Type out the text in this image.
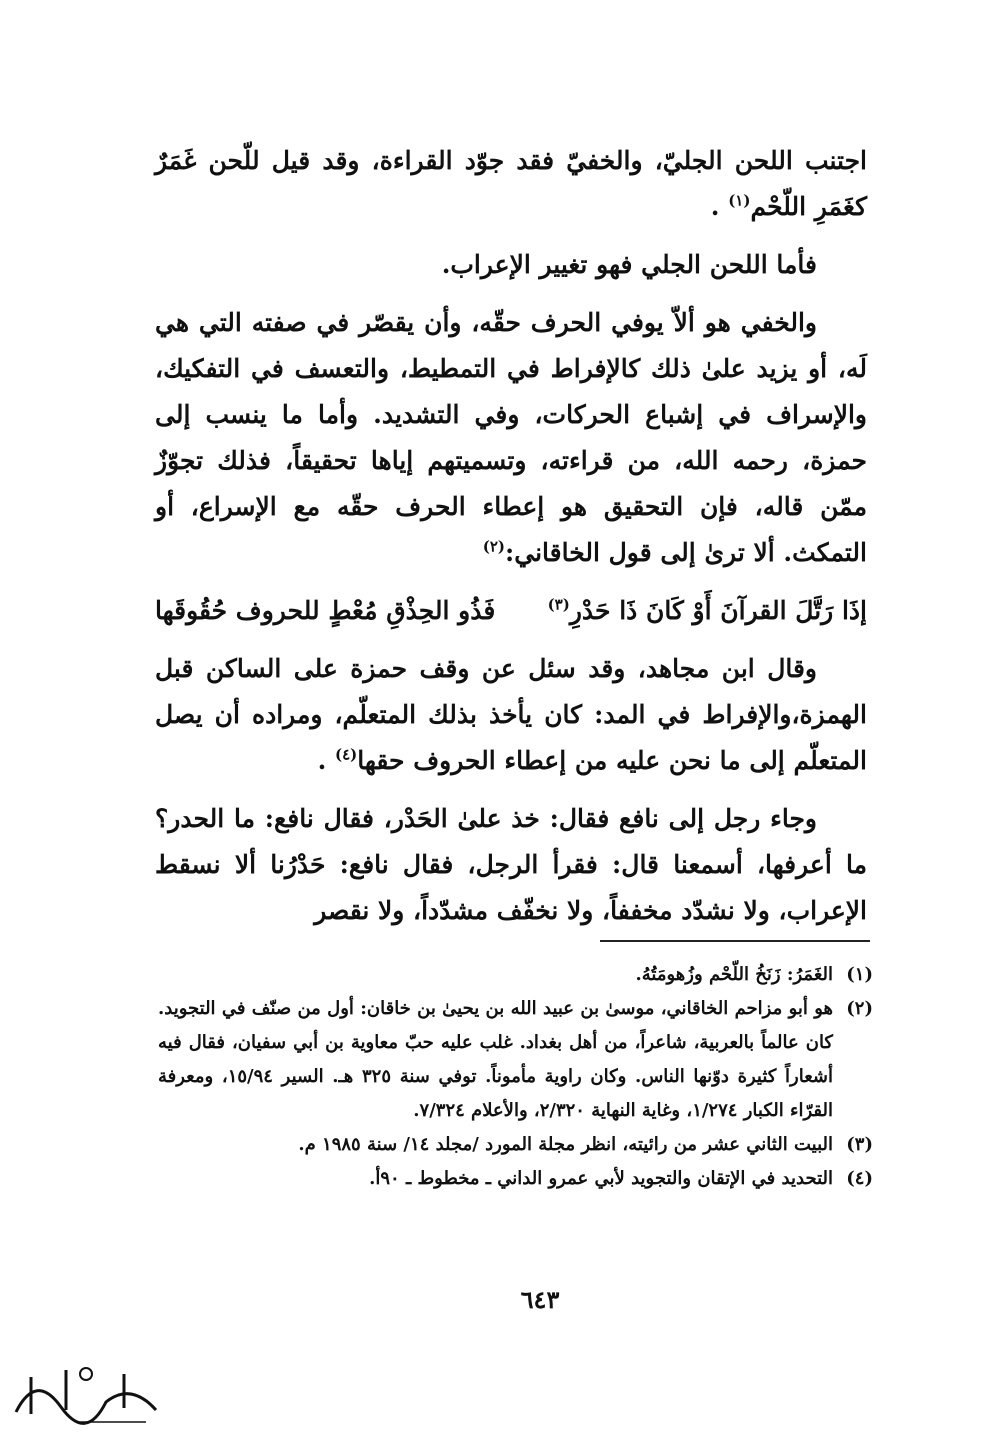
اجتنب اللحن الجليّ، والخفيّ فقد جوّد القراءة، وقد قيل للّحن غَمَرٌ كغَمَرِ اللّحْم$^{(١)}$ .

فأما اللحن الجلي فهو تغيير الإعراب.

والخفي هو ألاّ يوفي الحرف حقّه، وأن يقصّر في صفته التي هي لَه، أو يزيد علىٰ ذلك كالإفراط في التمطيط، والتعسف في التفكيك، والإسراف في إشباع الحركات، وفي التشديد. وأما ما ينسب إلى حمزة، رحمه الله، من قراءته، وتسميتهم إياها تحقيقاً، فذلك تجوّزٌ ممّن قاله، فإن التحقيق هو إعطاء الحرف حقّه مع الإسراع، أو التمكث. ألا ترىٰ إلى قول الخاقاني:$^{(٢)}$

إذَا رَتَّلَ القرآنَ أَوْ كَانَ ذَا حَدْرِ$^{(٣)}$
فَذُو الحِذْقِ مُعْطٍ للحروف حُقُوقَها

وقال ابن مجاهد، وقد سئل عن وقف حمزة على الساكن قبل الهمزة،والإفراط في المد: كان يأخذ بذلك المتعلّم، ومراده أن يصل المتعلّم إلى ما نحن عليه من إعطاء الحروف حقها$^{(٤)}$ .

وجاء رجل إلى نافع فقال: خذ علىٰ الحَدْر، فقال نافع: ما الحدر؟ ما أعرفها، أسمعنا قال: فقرأ الرجل، فقال نافع: حَدْرُنا ألا نسقط الإعراب، ولا نشدّد مخففاً، ولا نخفّف مشدّداً، ولا نقصر

(١)
الغَمَرُ: زَنَخُ اللّحْم وزُهومَتُهُ.
(٢)
هو أبو مزاحم الخاقاني، موسىٰ بن عبيد الله بن يحيىٰ بن خاقان: أول من صنّف في التجويد. كان عالماً بالعربية، شاعراً، من أهل بغداد. غلب عليه حبّ معاوية بن أبي سفيان، فقال فيه أشعاراً كثيرة دوّنها الناس. وكان راوية مأموناً. توفي سنة ٣٢٥ هـ. السير ١٥/٩٤، ومعرفة القرّاء الكبار ١/٢٧٤، وغاية النهاية ٢/٣٢٠، والأعلام ٧/٣٢٤.
(٣)
البيت الثاني عشر من رائيته، انظر مجلة المورد /مجلد ١٤/ سنة ١٩٨٥ م.
(٤)
التحديد في الإتقان والتجويد لأبي عمرو الداني ـ مخطوط ـ ٩٠أ.
٦٤٣
